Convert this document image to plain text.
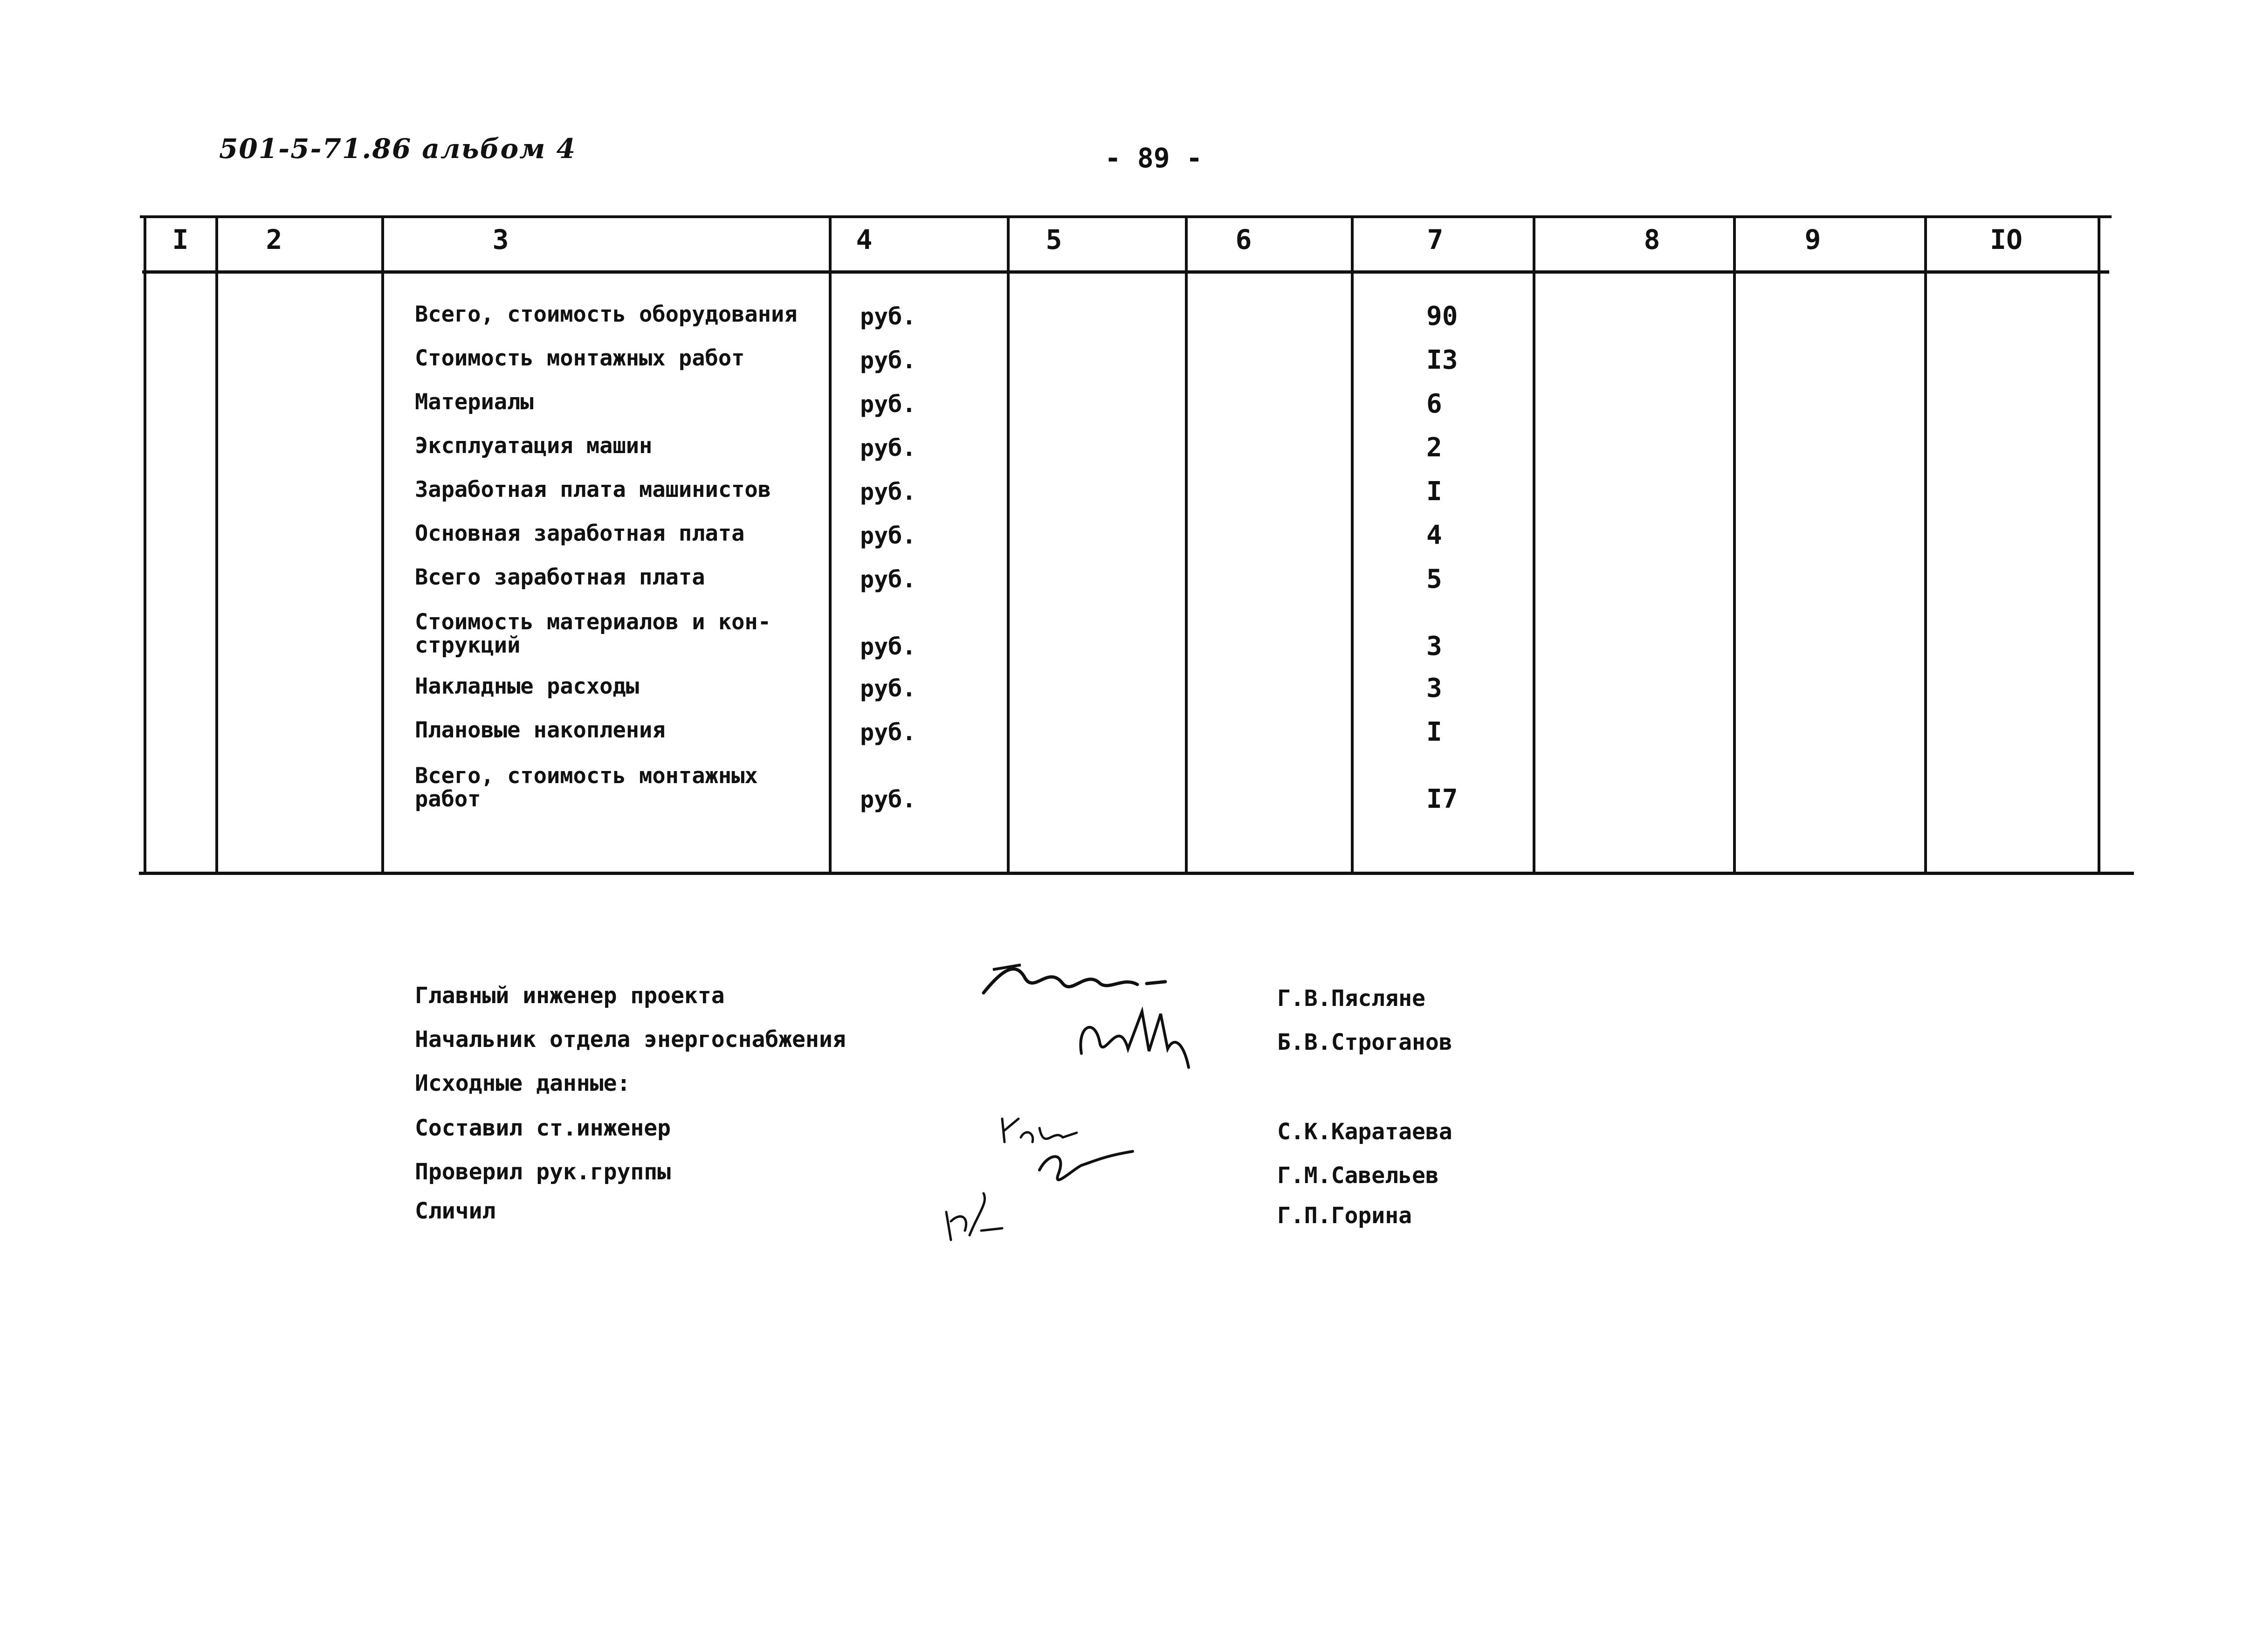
501-5-71.86 альбом 4	- 89 -
I	2	3	4	5	6	7	8	9	IO
Всего, стоимость оборудования	руб.	90
Стоимость монтажных работ	руб.	I3
Материалы	руб.	6
Эксплуатация машин	руб.	2
Заработная плата машинистов	руб.	I
Основная заработная плата	руб.	4
Всего заработная плата	руб.	5
Стоимость материалов и кон-
струкций	руб.	3
Накладные расходы	руб.	3
Плановые накопления	руб.	I
Всего, стоимость монтажных
работ	руб.	I7
Главный инженер проекта	Г.В.Пясляне
Начальник отдела энергоснабжения	Б.В.Строганов
Исходные данные:
Составил ст.инженер	С.К.Каратаева
Проверил рук.группы	Г.М.Савельев
Сличил	Г.П.Горина
